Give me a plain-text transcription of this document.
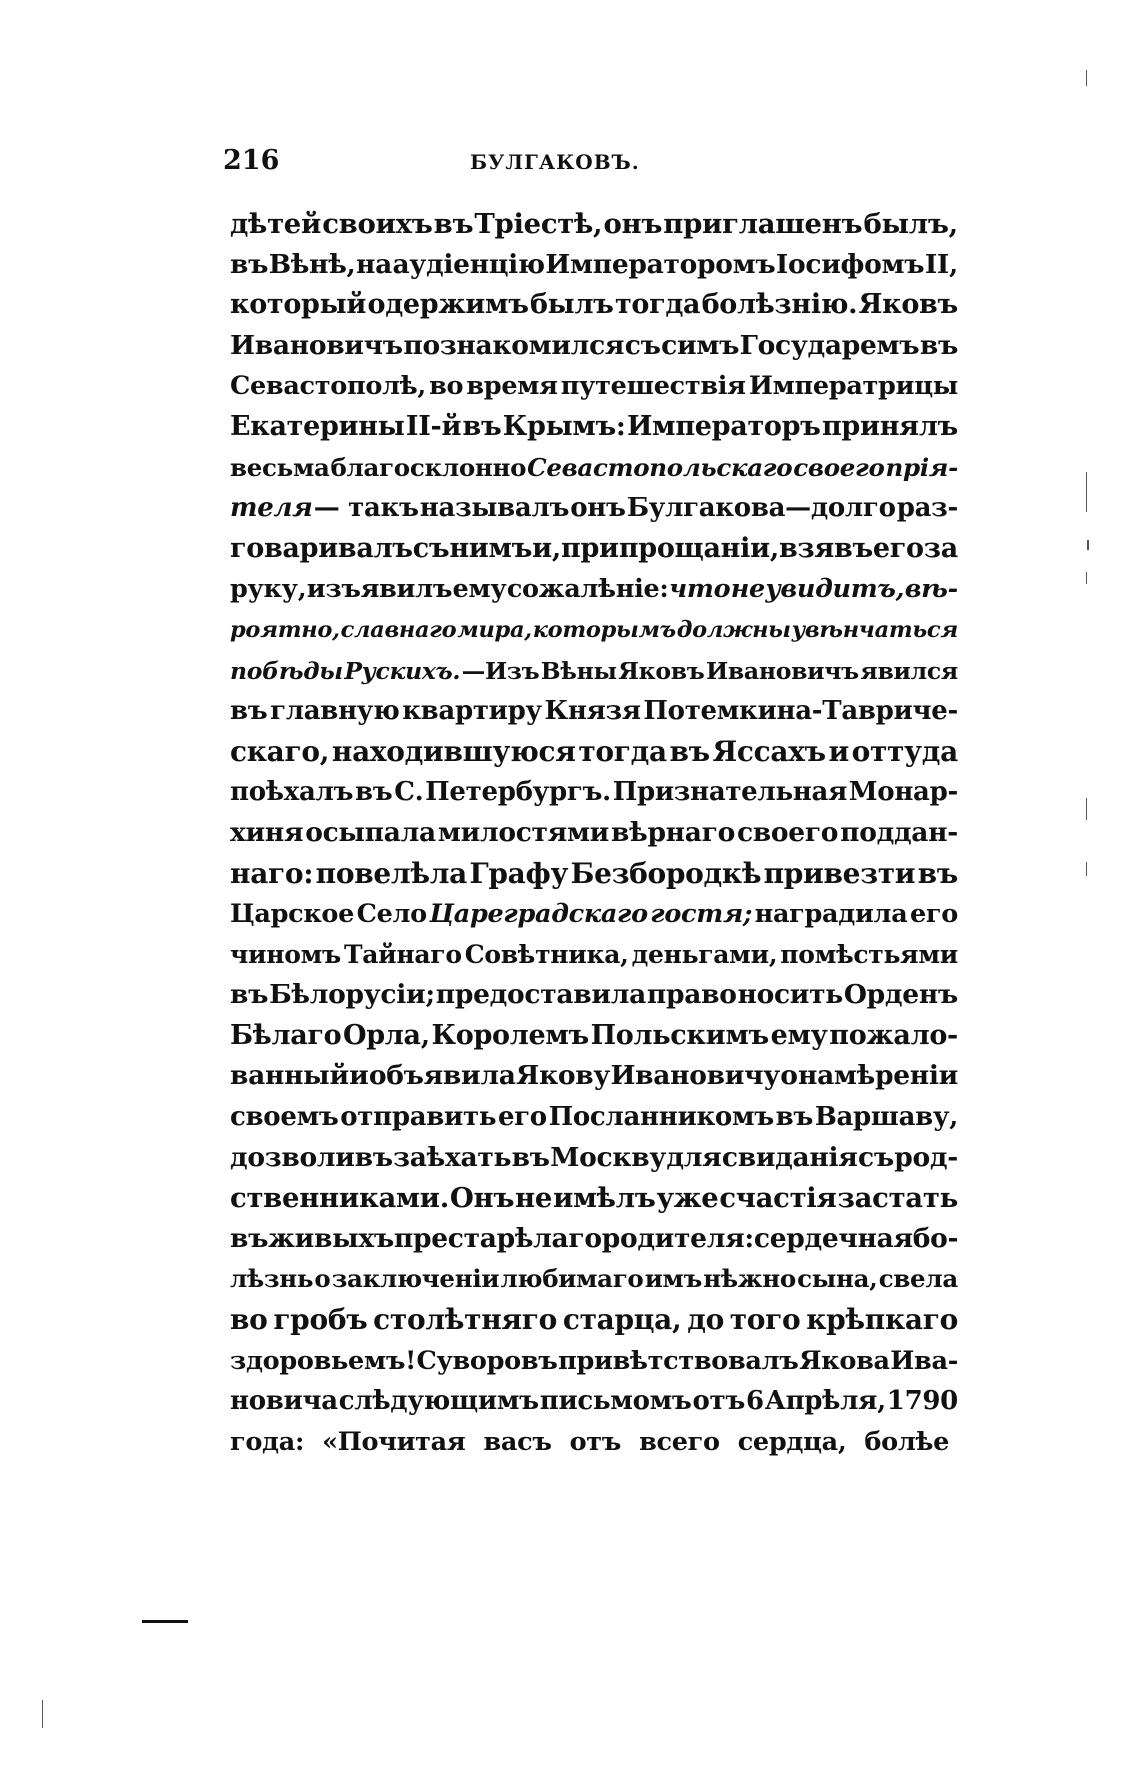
216	БУЛГАКОВЪ.
дѣтей своихъ въ Тріестѣ, онъ приглашенъ былъ,
въ Вѣнѣ, на аудіенцію Императоромъ Іосифомъ II,
который одержимъ былъ тогда болѣзнію. Яковъ
Ивановичъ познакомился съ симъ Государемъ въ
Севастополѣ, во время путешествія Императрицы
Екатерины II-й въ Крымъ: Императоръ принялъ
весьма благосклонно Севастопольскаго своего прія-
теля — такъ называлъ онъ Булгакова—долго раз-
говаривалъ съ нимъ и, при прощаніи, взявъ его за
руку, изъявилъ ему сожалѣніе: что не увидитъ, вѣ-
роятно, славнаго мира, которымъ должны увѣнчаться
побѣды Рускихъ. —Изъ Вѣны Яковъ Ивановичъ явился
въ главную квартиру Князя Потемкина-Тавриче-
скаго, находившуюся тогда въ Яссахъ и оттуда
поѣхалъ въ С. Петербургъ. Признательная Монар-
хиня осыпала милостями вѣрнаго своего поддан-
наго: повелѣла Графу Безбородкѣ привезти въ
Царское Село Цареградскаго гостя; наградила его
чиномъ Тайнаго Совѣтника, деньгами, помѣстьями
въ Бѣлорусіи; предоставила право носить Орденъ
Бѣлаго Орла, Королемъ Польскимъ ему пожало-
ванный и объявила Якову Ивановичу о намѣреніи
своемъ отправить его Посланникомъ въ Варшаву,
дозволивъ заѣхать въ Москву для свиданія съ род-
ственниками. Онъ не имѣлъ уже счастія застать
въ живыхъ престарѣлаго родителя: сердечная бо-
лѣзнь о заключеніи любимаго имъ нѣжно сына, свела
во гробъ столѣтняго старца, до того крѣпкаго
здоровьемъ! Суворовъ привѣтствовалъ Якова Ива-
новича слѣдующимъ письмомъ отъ 6 Апрѣля, 1790
года: «Почитая васъ отъ всего сердца, болѣе
